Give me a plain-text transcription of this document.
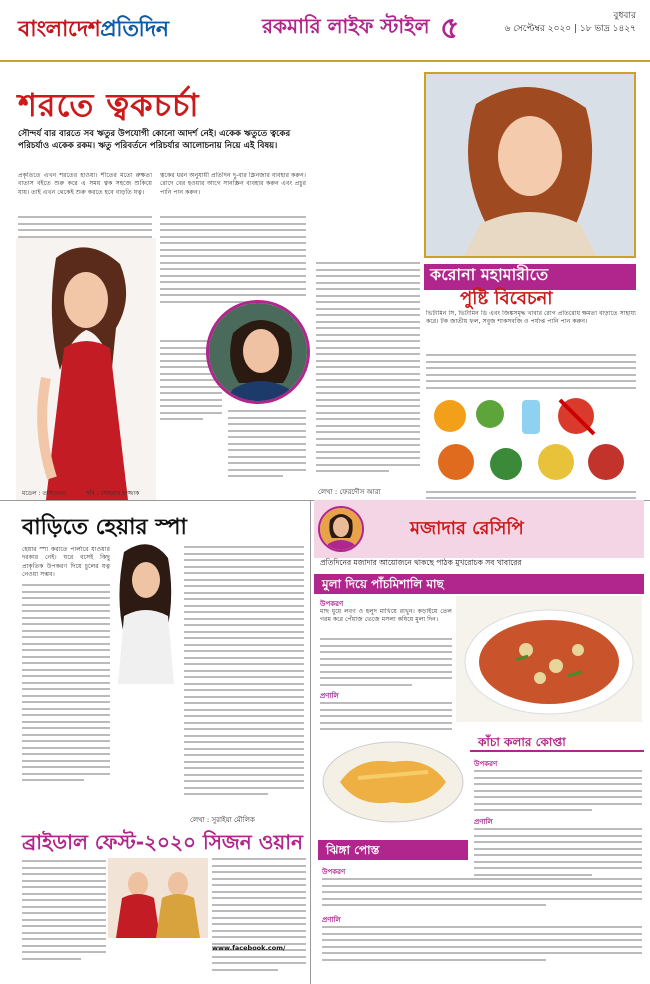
বাংলাদেশপ্রতিদিন	রকমারি লাইফ স্টাইল ৫	বুধবার
৬ সেপ্টেম্বর ২০২০ | ১৮ ভাদ্র ১৪২৭
শরতে ত্বকচর্চা
সৌন্দর্য বার বারতে সব ঋতুর উপযোগী কোনো আদর্শ নেই। একেক ঋতুতে ত্বকের পরিচর্যাও একেক রকম। ঋতু পরিবর্তনে পরিচর্যার আলোচনায় নিয়ে এই বিষয়।
প্রকৃতিতে এখন শরতের হাওয়া। শীতের মতো রুক্ষতা বাতাস বইতে শুরু করে এ সময় ত্বক সহজে শুকিয়ে যায়। তাই এখন থেকেই শুরু করতে হবে বাড়তি যত্ন।
ত্বকের ধরন অনুযায়ী প্রতিদিন দু-বার ক্লিনজার ব্যবহার করুন। রোদে বের হওয়ার আগে সানস্ক্রিন ব্যবহার করুন এবং প্রচুর পানি পান করুন।
মডেল : তাসনোভা	ছবি : সোহরাব রাজ্জাক
করোনা মহামারীতে
পুষ্টি বিবেচনা
ভিটামিন সি, ভিটামিন ডি এবং জিঙ্কসমৃদ্ধ খাবার রোগ প্রতিরোধ ক্ষমতা বাড়াতে সাহায্য করে। টক জাতীয় ফল, সবুজ শাকসবজি ও পর্যাপ্ত পানি পান করুন।
লেখা : ফেরদৌস আরা
বাড়িতে হেয়ার স্পা
হেয়ার স্পা করাতে পার্লারে যাওয়ার দরকার নেই। ঘরে বসেই কিছু প্রাকৃতিক উপকরণ দিয়ে চুলের যত্ন নেওয়া সম্ভব।
লেখা : সুরাইয়া মৌলিক
ব্রাইডাল ফেস্ট-২০২০ সিজন ওয়ান
www.facebook.com/
মজাদার রেসিপি
প্রতিদিনের মজাদার আয়োজনে থাকছে পাঠক মুখরোচক সব খাবারের
মুলা দিয়ে পাঁচমিশালি মাছ
উপকরণ
মাছ ধুয়ে লবণ ও হলুদ মাখিয়ে রাখুন। কড়াইয়ে তেল গরম করে পেঁয়াজ ভেজে মসলা কষিয়ে মুলা দিন।
প্রণালি
কাঁচা কলার কোপ্তা
উপকরণ
প্রণালি
ঝিঙ্গা পোস্ত
উপকরণ
প্রণালি
